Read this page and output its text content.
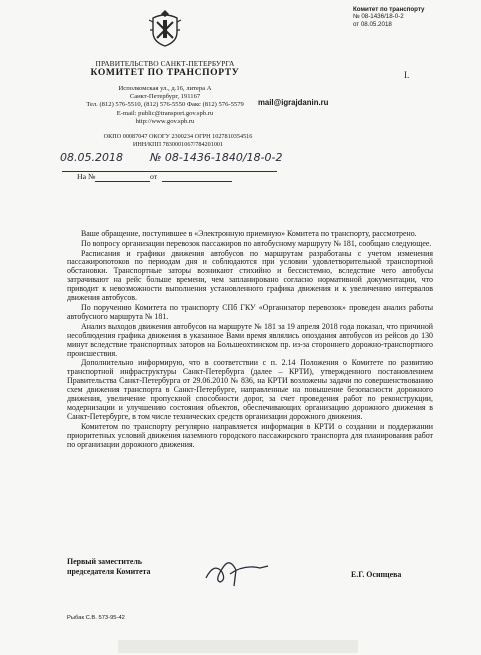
Комитет по транспорту
№ 08-1436/18-0-2
от 08.05.2018
I.
ПРАВИТЕЛЬСТВО САНКТ-ПЕТЕРБУРГА
КОМИТЕТ ПО ТРАНСПОРТУ
Исполкомская ул., д.16, литера А
Санкт-Петербург, 191167
Тел. (812) 576-5510, (812) 576-5550 Факс (812) 576-5579
E-mail: public@transport.gov.spb.ru
http://www.gov.spb.ru
ОКПО 00087047 ОКОГУ 2300234 ОГРН 1027810354516
ИНН/КПП 7830001067/784201001
mail@igrajdanin.ru
08.05.2018 № 08-1436-1840/18-0-2
На №	от

Ваше обращение, поступившее в «Электронную приемную» Комитета по транспорту, рассмотрено.

По вопросу организации перевозок пассажиров по автобусному маршруту № 181, сообщаю следующее.

Расписания и графики движения автобусов по маршрутам разработаны с учетом изменения пассажиропотоков по периодам дня и соблюдаются при условии удовлетворительной транспортной обстановки. Транспортные заторы возникают стихийно и бессистемно, вследствие чего автобусы затрачивают на рейс больше времени, чем запланировано согласно нормативной документации, что приводит к невозможности выполнения установленного графика движения и к увеличению интервалов движения автобусов.

По поручению Комитета по транспорту СПб ГКУ «Организатор перевозок» проведен анализ работы автобусного маршрута № 181.

Анализ выходов движения автобусов на маршруте № 181 за 19 апреля 2018 года показал, что причиной несоблюдения графика движения в указанное Вами время являлись опоздания автобусов из рейсов до 130 минут вследствие транспортных заторов на Большеохтинском пр. из-за стороннего дорожно-транспортного происшествия.

Дополнительно информирую, что в соответствии с п. 2.14 Положения о Комитете по развитию транспортной инфраструктуры Санкт-Петербурга (далее – КРТИ), утвержденного постановлением Правительства Санкт-Петербурга от 29.06.2010 № 836, на КРТИ возложены задачи по совершенствованию схем движения транспорта в Санкт-Петербурге, направленные на повышение безопасности дорожного движения, увеличение пропускной способности дорог, за счет проведения работ по реконструкции, модернизации и улучшению состояния объектов, обеспечивающих организацию дорожного движения в Санкт-Петербурге, в том числе технических средств организации дорожного движения.

Комитетом по транспорту регулярно направляется информация в КРТИ о создании и поддержании приоритетных условий движения наземного городского пассажирского транспорта для планирования работ по организации дорожного движения.

Первый заместитель
председателя Комитета	Е.Г. Осипцева
Рыбак С.В. 573-95-42
